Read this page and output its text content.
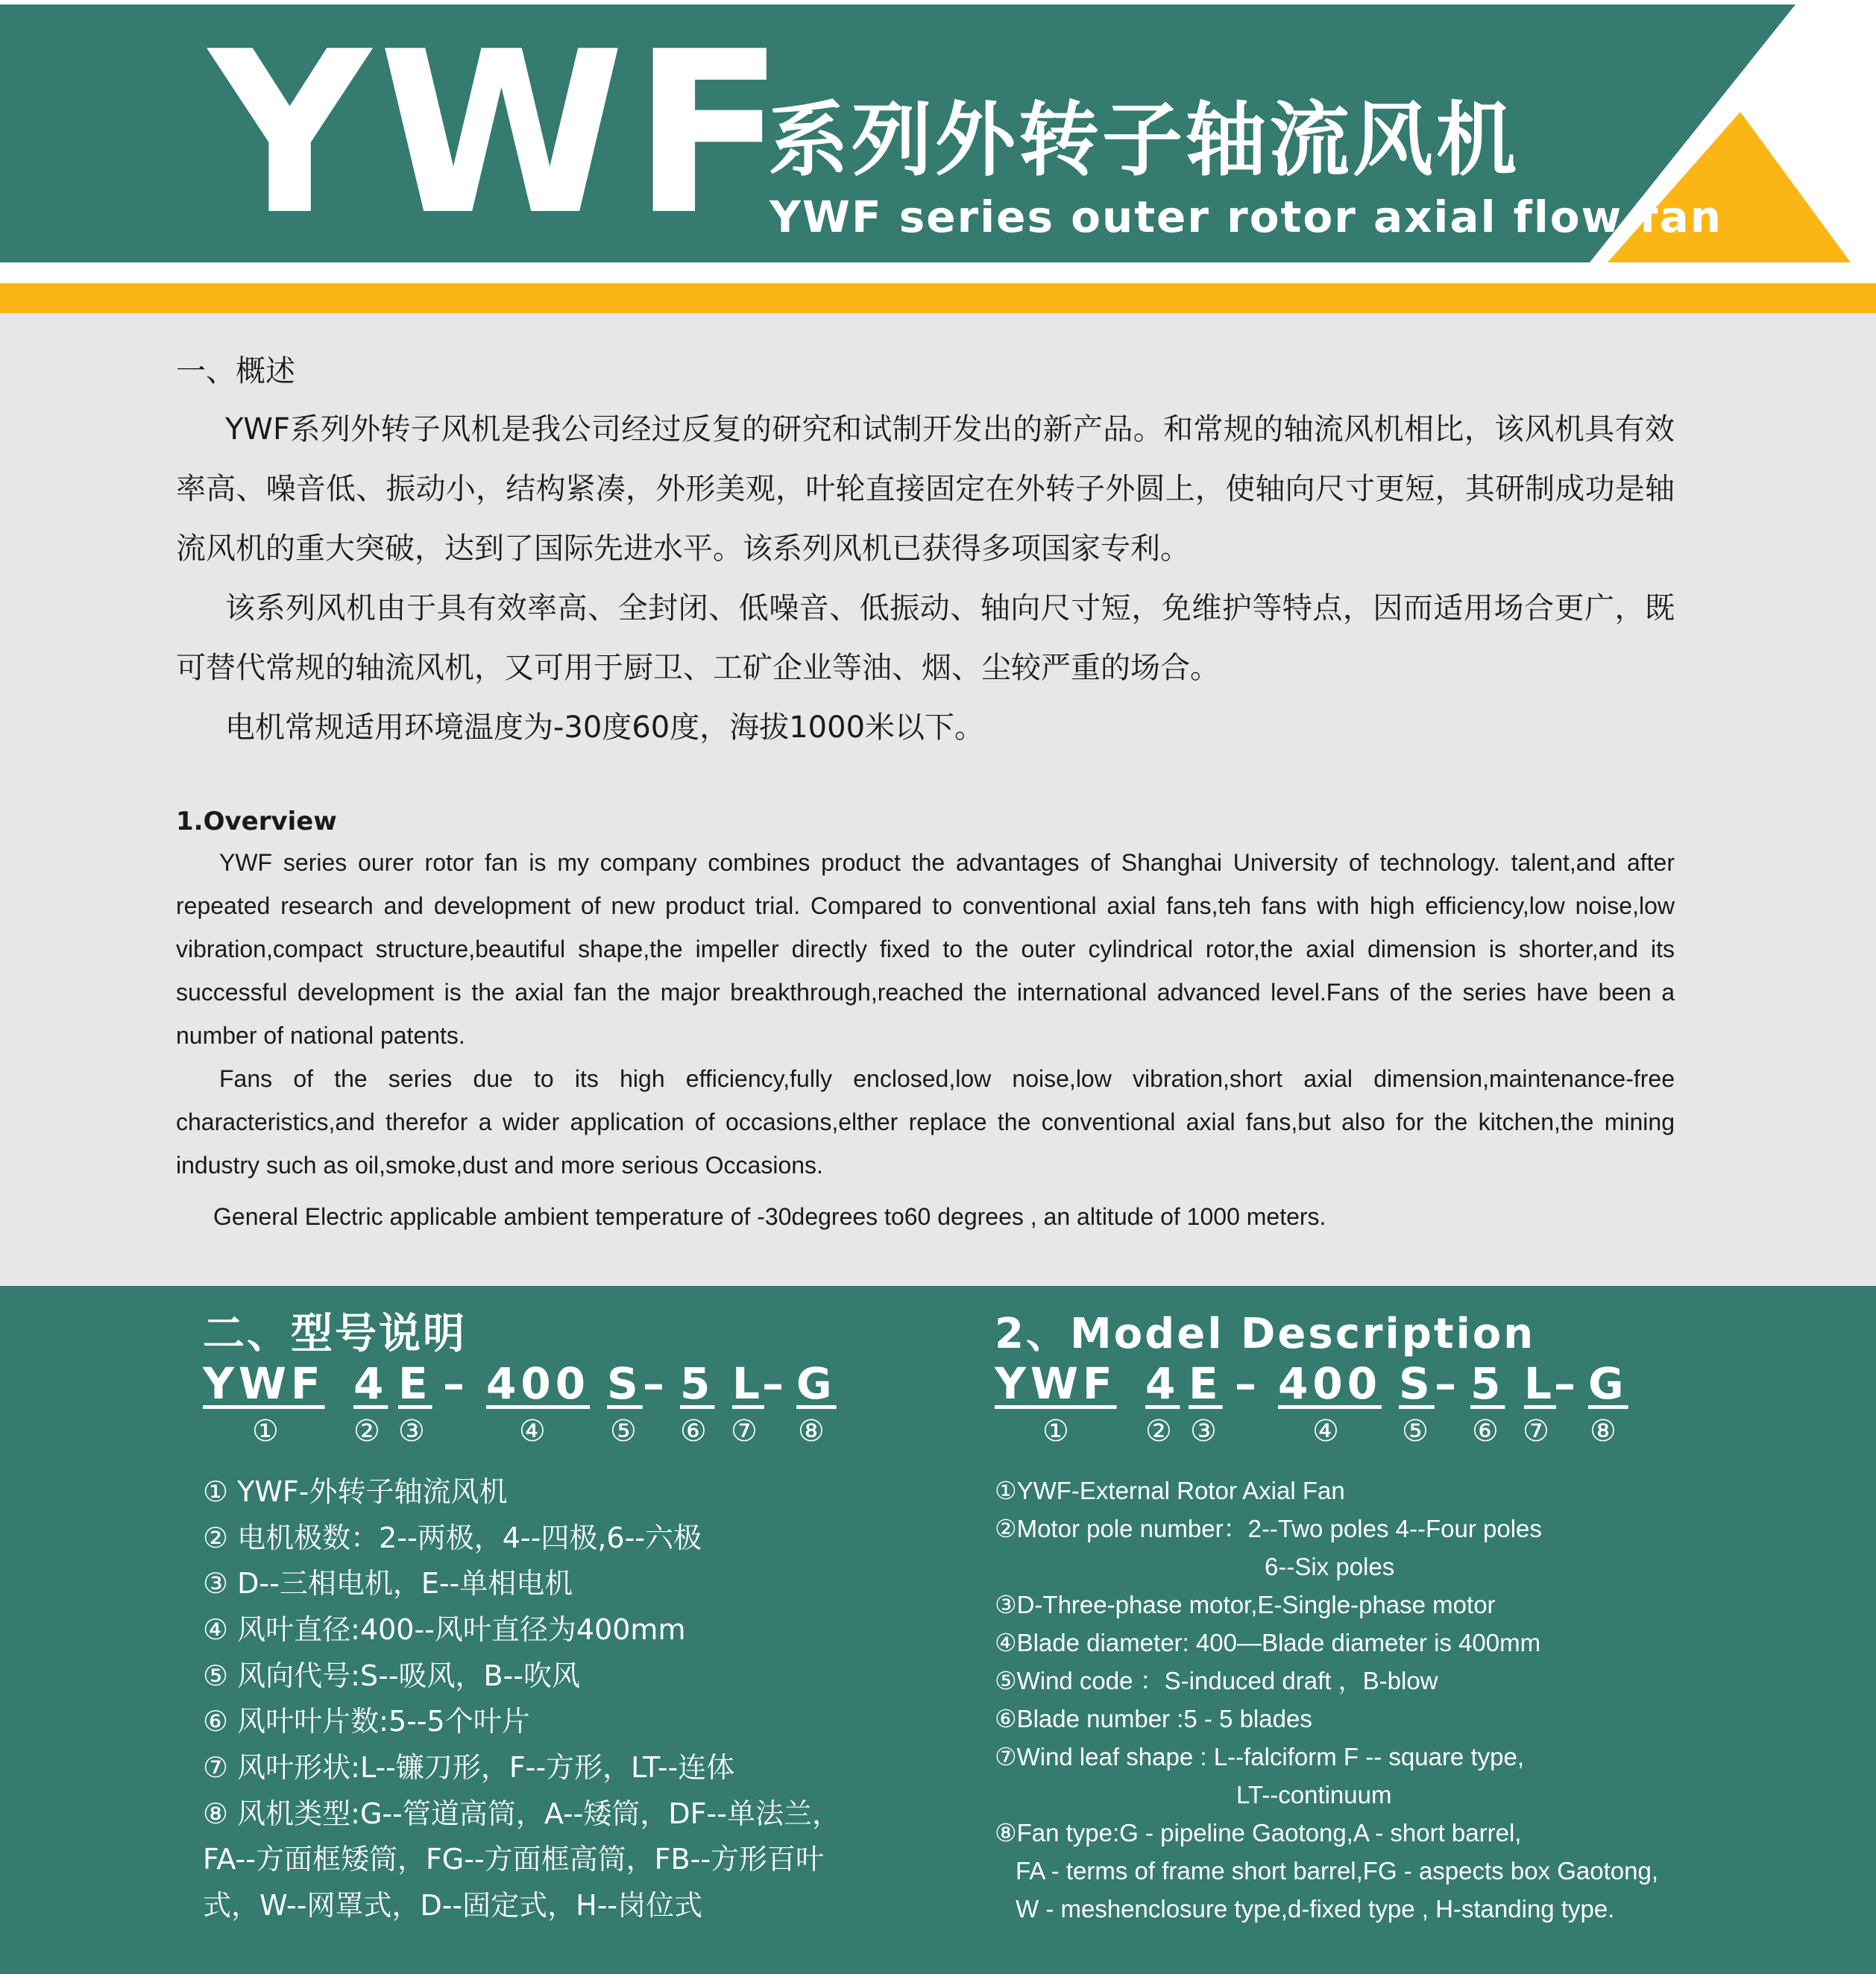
YWF
系列外转子轴流风机
YWF series outer rotor axial flow fan
一、概述

YWF系列外转子风机是我公司经过反复的研究和试制开发出的新产品。和常规的轴流风机相比，该风机具有效率高、噪音低、振动小，结构紧凑，外形美观，叶轮直接固定在外转子外圆上，使轴向尺寸更短，其研制成功是轴流风机的重大突破，达到了国际先进水平。该系列风机已获得多项国家专利。

该系列风机由于具有效率高、全封闭、低噪音、低振动、轴向尺寸短，免维护等特点，因而适用场合更广，既可替代常规的轴流风机，又可用于厨卫、工矿企业等油、烟、尘较严重的场合。

电机常规适用环境温度为-30度60度，海拔1000米以下。

1.Overview

YWF series ourer rotor fan is my company combines product the advantages of Shanghai University of technology. talent,and after repeated research and development of new product trial. Compared to conventional axial fans,teh fans with high efficiency,low noise,low vibration,compact structure,beautiful shape,the impeller directly fixed to the outer cylindrical rotor,the axial dimension is shorter,and its successful development is the axial fan the major breakthrough,reached the international advanced level.Fans of the series have been a number of national patents.

Fans of the series due to its high efficiency,fully enclosed,low noise,low vibration,short axial dimension,maintenance-free characteristics,and therefor a wider application of occasions,elther replace the conventional axial fans,but also for the kitchen,the mining industry such as oil,smoke,dust and more serious Occasions.

General Electric applicable ambient temperature of -30degrees to60 degrees , an altitude of 1000 meters.

二、型号说明	2、Model Description
YWF 4 E – 400 S – 5 L
– G
①	② ③	④ ⑤ ⑥ ⑦ ⑧
YWF 4 E – 400 S – 5 L
– G
①	② ③	④ ⑤ ⑥ ⑦ ⑧
① YWF-外转子轴流风机
② 电机极数：2--两极，4--四极,6--六极
③ D--三相电机，E--单相电机
④ 风叶直径:400--风叶直径为400mm
⑤ 风向代号:S--吸风，B--吹风
⑥ 风叶叶片数:5--5个叶片
⑦ 风叶形状:L--镰刀形，F--方形，LT--连体
⑧ 风机类型:G--管道高筒，A--矮筒，DF--单法兰，
FA--方面框矮筒，FG--方面框高筒，FB--方形百叶
式，W--网罩式，D--固定式，H--岗位式
①YWF-External Rotor Axial Fan
②Motor pole number：2--Two poles 4--Four poles
6--Six poles
③D-Three-phase motor,E-Single-phase motor
④Blade diameter: 400—Blade diameter is 400mm
⑤Wind code ：S-induced draft ，B-blow
⑥Blade number :5 - 5 blades
⑦Wind leaf shape : L--falciform F -- square type,
LT--continuum
⑧Fan type:G - pipeline Gaotong,A - short barrel,
FA - terms of frame short barrel,FG - aspects box Gaotong,
W - meshenclosure type,d-fixed type , H-standing type.
